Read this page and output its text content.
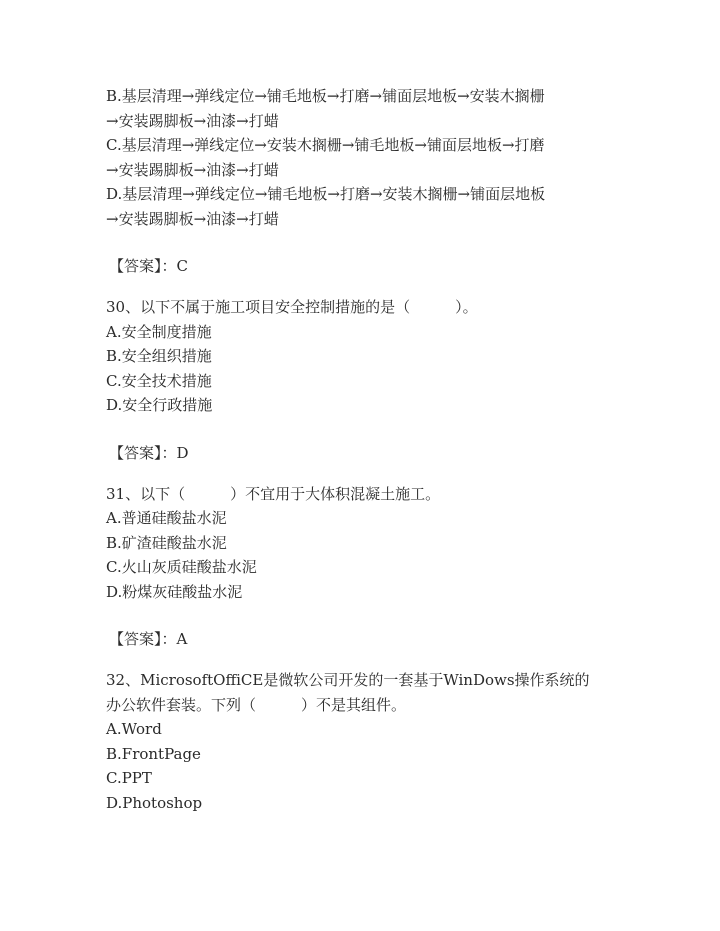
B.基层清理→弹线定位→铺毛地板→打磨→铺面层地板→安装木搁栅
→安装踢脚板→油漆→打蜡
C.基层清理→弹线定位→安装木搁栅→铺毛地板→铺面层地板→打磨
→安装踢脚板→油漆→打蜡
D.基层清理→弹线定位→铺毛地板→打磨→安装木搁栅→铺面层地板
→安装踢脚板→油漆→打蜡
【答案】：C
30、以下不属于施工项目安全控制措施的是（　　　）。
A.安全制度措施
B.安全组织措施
C.安全技术措施
D.安全行政措施
【答案】：D
31、以下（　　　）不宜用于大体积混凝土施工。
A.普通硅酸盐水泥
B.矿渣硅酸盐水泥
C.火山灰质硅酸盐水泥
D.粉煤灰硅酸盐水泥
【答案】：A
32、MicrosoftOffiCE是微软公司开发的一套基于WinDows操作系统的
办公软件套装。下列（　　　）不是其组件。
A.Word
B.FrontPage
C.PPT
D.Photoshop
